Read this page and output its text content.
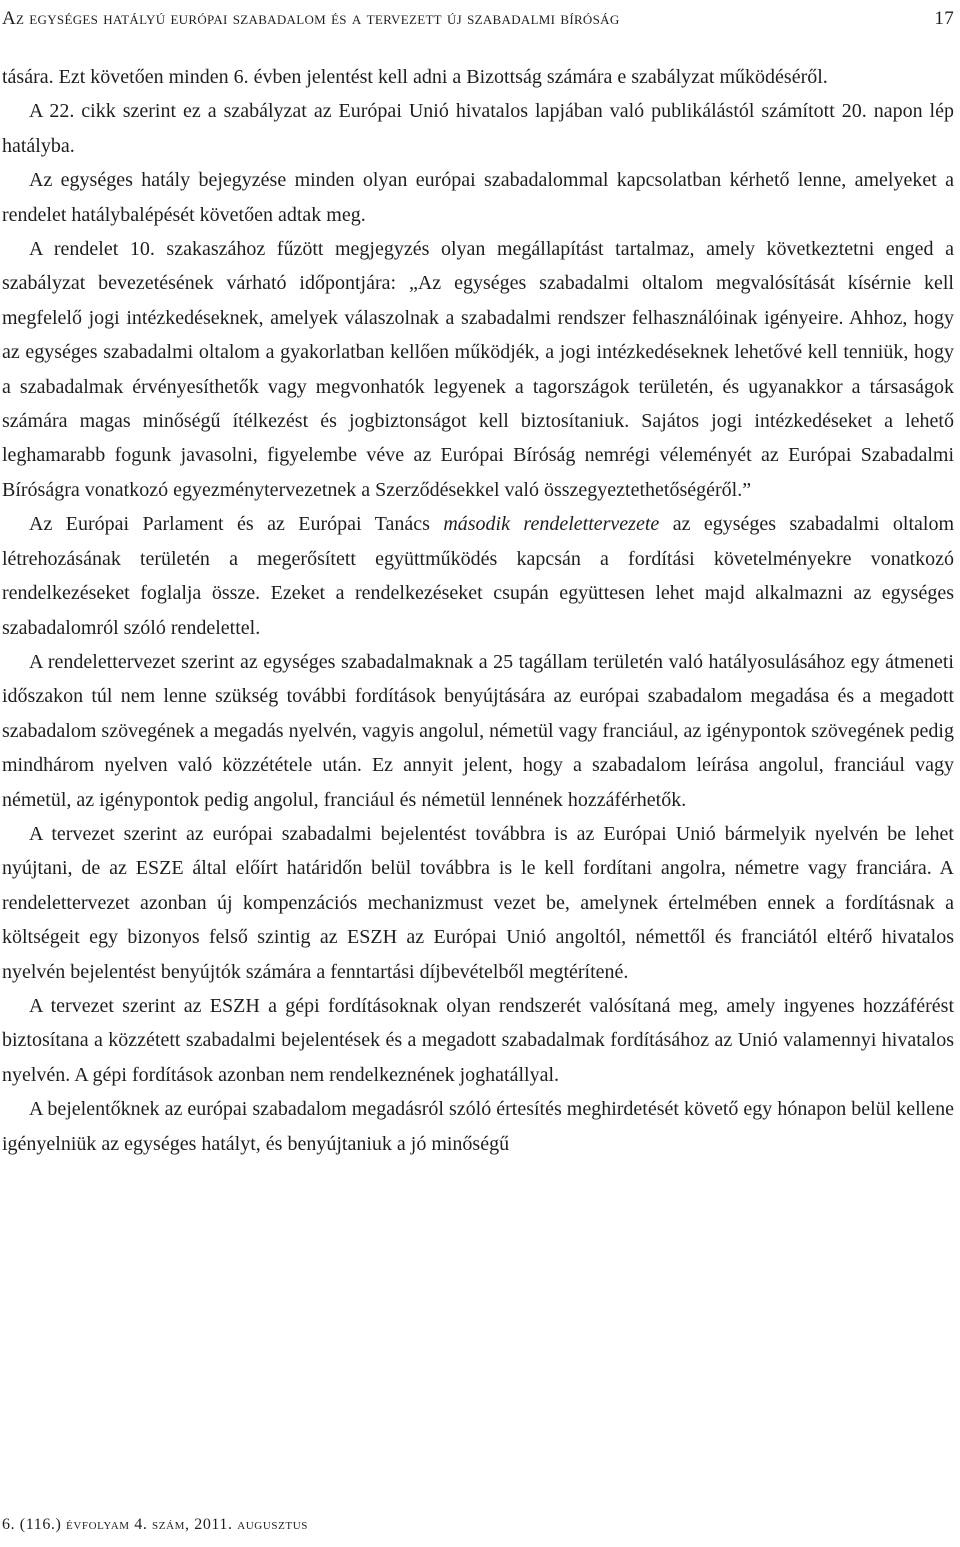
Az egységes hatályú európai szabadalom és a tervezett új szabadalmi bíróság	17

tására. Ezt követően minden 6. évben jelentést kell adni a Bizottság számára e szabályzat működéséről.

A 22. cikk szerint ez a szabályzat az Európai Unió hivatalos lapjában való publikálástól számított 20. napon lép hatályba.

Az egységes hatály bejegyzése minden olyan európai szabadalommal kapcsolatban kérhető lenne, amelyeket a rendelet hatálybalépését követően adtak meg.

A rendelet 10. szakaszához fűzött megjegyzés olyan megállapítást tartalmaz, amely következtetni enged a szabályzat bevezetésének várható időpontjára: „Az egységes szabadalmi oltalom megvalósítását kísérnie kell megfelelő jogi intézkedéseknek, amelyek válaszolnak a szabadalmi rendszer felhasználóinak igényeire. Ahhoz, hogy az egységes szabadalmi oltalom a gyakorlatban kellően működjék, a jogi intézkedéseknek lehetővé kell tenniük, hogy a szabadalmak érvényesíthetők vagy megvonhatók legyenek a tagországok területén, és ugyanakkor a társaságok számára magas minőségű ítélkezést és jogbiztonságot kell biztosítaniuk. Sajátos jogi intézkedéseket a lehető leghamarabb fogunk javasolni, figyelembe véve az Európai Bíróság nemrégi véleményét az Európai Szabadalmi Bíróságra vonatkozó egyezménytervezetnek a Szerződésekkel való összegyeztethetőségéről.”

Az Európai Parlament és az Európai Tanács második rendelettervezete az egységes szabadalmi oltalom létrehozásának területén a megerősített együttműködés kapcsán a fordítási követelményekre vonatkozó rendelkezéseket foglalja össze. Ezeket a rendelkezéseket csupán együttesen lehet majd alkalmazni az egységes szabadalomról szóló rendelettel.

A rendelettervezet szerint az egységes szabadalmaknak a 25 tagállam területén való hatályosulásához egy átmeneti időszakon túl nem lenne szükség további fordítások benyújtására az európai szabadalom megadása és a megadott szabadalom szövegének a megadás nyelvén, vagyis angolul, németül vagy franciául, az igénypontok szövegének pedig mindhárom nyelven való közzététele után. Ez annyit jelent, hogy a szabadalom leírása angolul, franciául vagy németül, az igénypontok pedig angolul, franciául és németül lennének hozzáférhetők.

A tervezet szerint az európai szabadalmi bejelentést továbbra is az Európai Unió bármelyik nyelvén be lehet nyújtani, de az ESZE által előírt határidőn belül továbbra is le kell fordítani angolra, németre vagy franciára. A rendelettervezet azonban új kompenzációs mechanizmust vezet be, amelynek értelmében ennek a fordításnak a költségeit egy bizonyos felső szintig az ESZH az Európai Unió angoltól, némettől és franciától eltérő hivatalos nyelvén bejelentést benyújtók számára a fenntartási díjbevételből megtérítené.

A tervezet szerint az ESZH a gépi fordításoknak olyan rendszerét valósítaná meg, amely ingyenes hozzáférést biztosítana a közzétett szabadalmi bejelentések és a megadott szabadalmak fordításához az Unió valamennyi hivatalos nyelvén. A gépi fordítások azonban nem rendelkeznének joghatállyal.

A bejelentőknek az európai szabadalom megadásról szóló értesítés meghirdetését követő egy hónapon belül kellene igényelniük az egységes hatályt, és benyújtaniuk a jó minőségű

6. (116.) évfolyam 4. szám, 2011. augusztus
